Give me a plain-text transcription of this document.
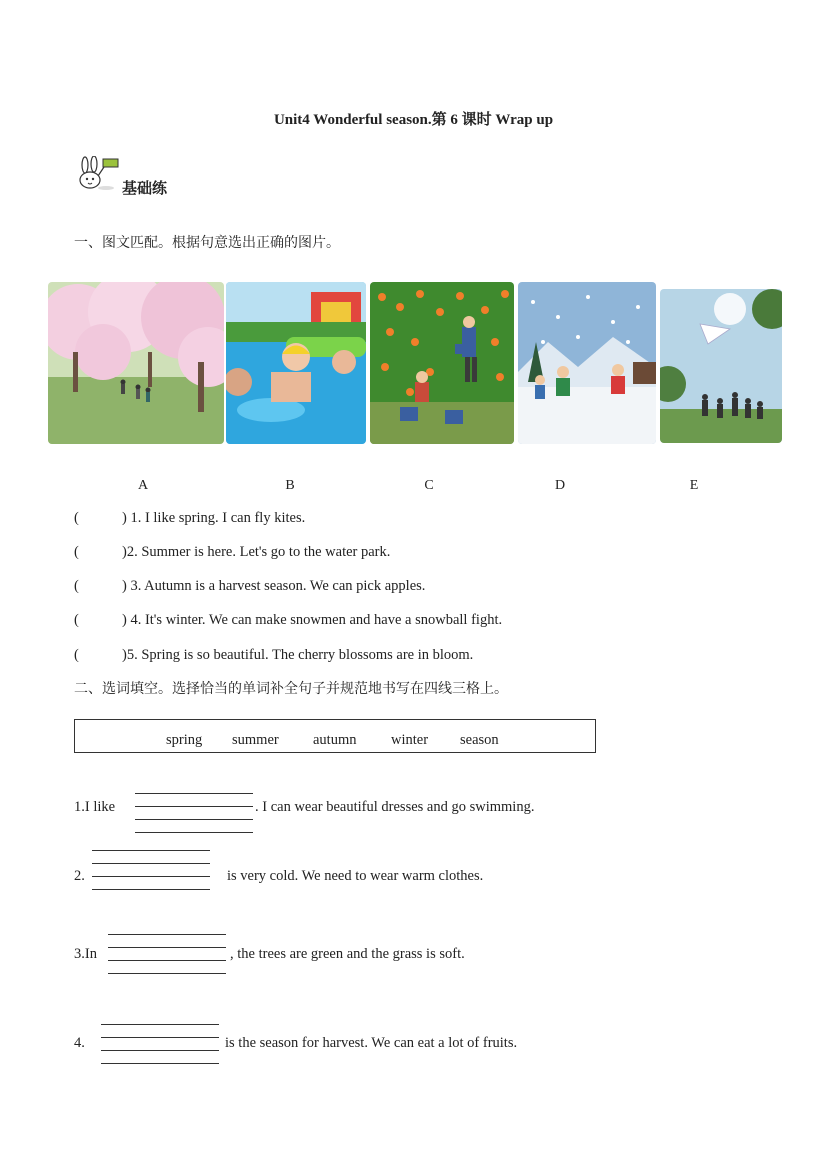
Unit4 Wonderful season.第 6 课时 Wrap up
基础练
一、图文匹配。根据句意选出正确的图片。
A	B	C	D	E
(	) 1. I like spring. I can fly kites.
(	)2. Summer is here. Let's go to the water park.
(	) 3. Autumn is a harvest season. We can pick apples.
(	) 4. It's winter. We can make snowmen and have a snowball fight.
(	)5. Spring is so beautiful. The cherry blossoms are in bloom.
二、选词填空。选择恰当的单词补全句子并规范地书写在四线三格上。
spring summer autumn winter season
1.I like	. I can wear beautiful dresses and go swimming.
2.	is very cold. We need to wear warm clothes.
3.In	, the trees are green and the grass is soft.
4.	is the season for harvest. We can eat a lot of fruits.
